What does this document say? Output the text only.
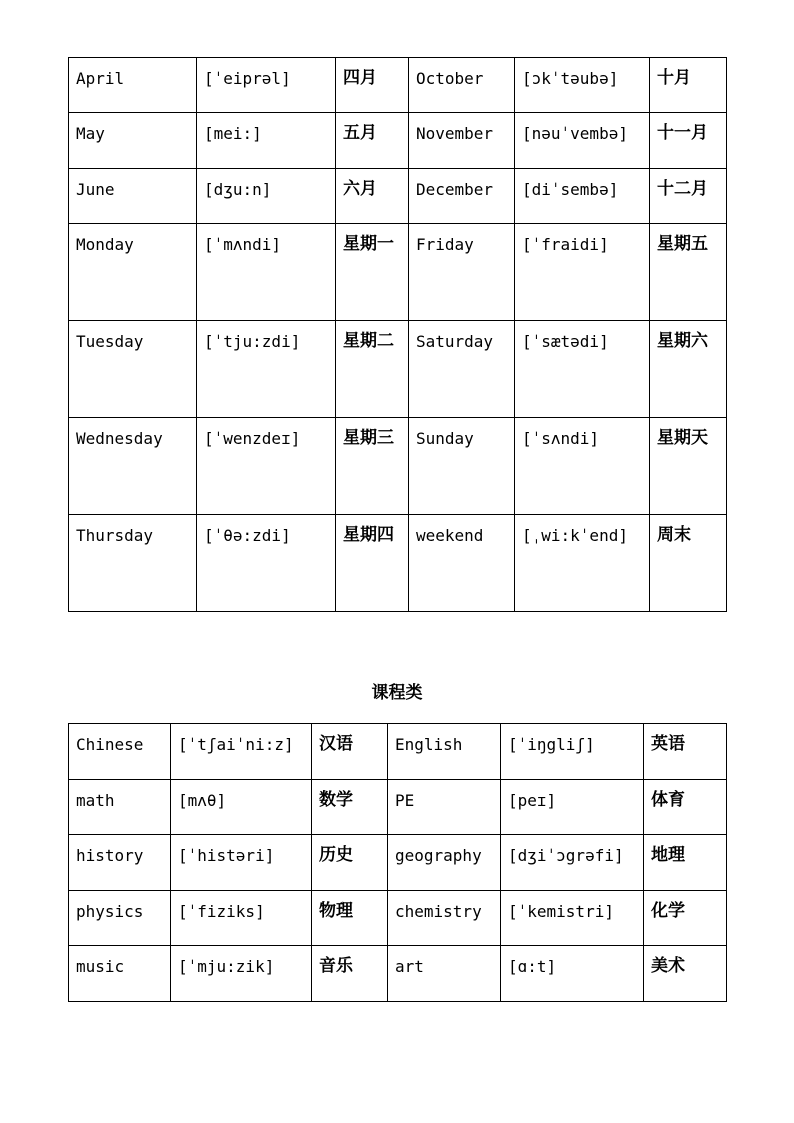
April	[ˈeiprəl]	四月	October	[ɔkˈtəubə]	十月
May	[mei:]	五月	November	[nəuˈvembə]	十一月
June	[dʒu:n]	六月	December	[diˈsembə]	十二月
Monday	[ˈmʌndi]	星期一	Friday	[ˈfraidi]	星期五
Tuesday	[ˈtju:zdi]	星期二	Saturday	[ˈsætədi]	星期六
Wednesday	[ˈwenzdeɪ]	星期三	Sunday	[ˈsʌndi]	星期天
Thursday	[ˈθə:zdi]	星期四	weekend	[ˌwi:kˈend]	周末
课程类
Chinese	[ˈtʃaiˈni:z]	汉语	English	[ˈiŋgliʃ]	英语
math	[mʌθ]	数学	PE	[peɪ]	体育
history	[ˈhistəri]	历史	geography	[dʒiˈɔgrəfi]	地理
physics	[ˈfiziks]	物理	chemistry	[ˈkemistri]	化学
music	[ˈmju:zik]	音乐	art	[ɑ:t]	美术
